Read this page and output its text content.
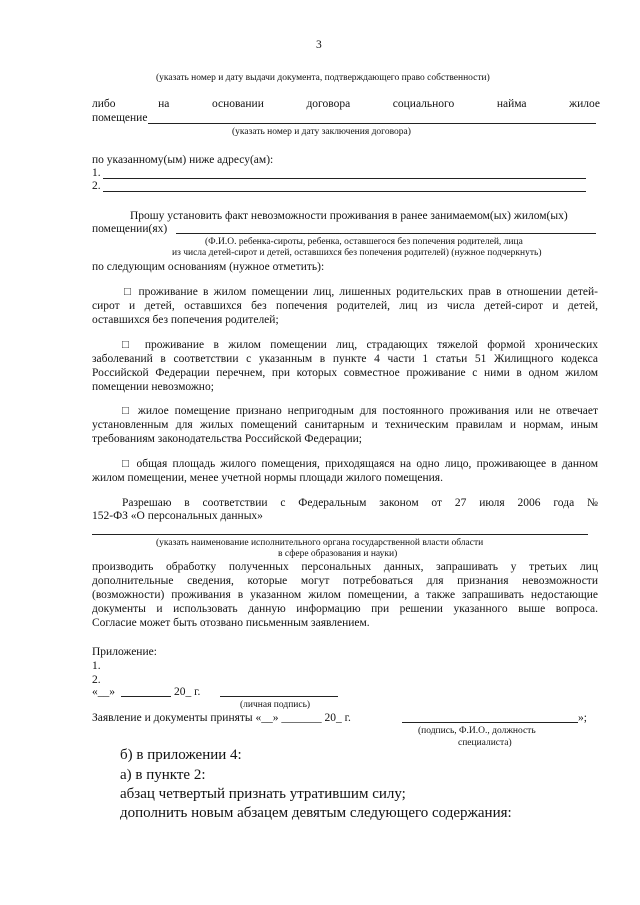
3
(указать номер и дату выдачи документа, подтверждающего право собственности)
либо	на	основании	договора	социального	найма	жилое
помещение
(указать номер и дату заключения договора)
по указанному(ым) ниже адресу(ам):
1.
2.
Прошу установить факт невозможности проживания в ранее занимаемом(ых) жилом(ых)
помещении(ях)
(Ф.И.О. ребенка-сироты, ребенка, оставшегося без попечения родителей, лица
из числа детей-сирот и детей, оставшихся без попечения родителей) (нужное подчеркнуть)
по следующим основаниям (нужное отметить):
□ проживание в жилом помещении лиц, лишенных родительских прав в отношении детей-
сирот и детей, оставшихся без попечения родителей, лиц из числа детей-сирот и детей,
оставшихся без попечения родителей;
□ проживание в жилом помещении лиц, страдающих тяжелой формой хронических
заболеваний в соответствии с указанным в пункте 4 части 1 статьи 51 Жилищного кодекса
Российской Федерации перечнем, при которых совместное проживание с ними в одном жилом
помещении невозможно;
□ жилое помещение признано непригодным для постоянного проживания или не отвечает
установленным для жилых помещений санитарным и техническим правилам и нормам, иным
требованиям законодательства Российской Федерации;
□ общая площадь жилого помещения, приходящаяся на одно лицо, проживающее в данном
жилом помещении, менее учетной нормы площади жилого помещения.
Разрешаю в соответствии с Федеральным законом от 27 июля 2006 года №
152-ФЗ «О персональных данных»
(указать наименование исполнительного органа государственной власти области
в сфере образования и науки)
производить обработку полученных персональных данных, запрашивать у третьих лиц
дополнительные сведения, которые могут потребоваться для признания невозможности
(возможности) проживания в указанном жилом помещении, а также запрашивать недостающие
документы и использовать данную информацию при решении указанного выше вопроса.
Согласие может быть отозвано письменным заявлением.
Приложение:
1.
2.
«__»	20_ г.
(личная подпись)
Заявление и документы приняты «__» _______ 20_ г.	»;
(подпись, Ф.И.О., должность
специалиста)
б) в приложении 4:
а) в пункте 2:
абзац четвертый признать утратившим силу;
дополнить новым абзацем девятым следующего содержания:
